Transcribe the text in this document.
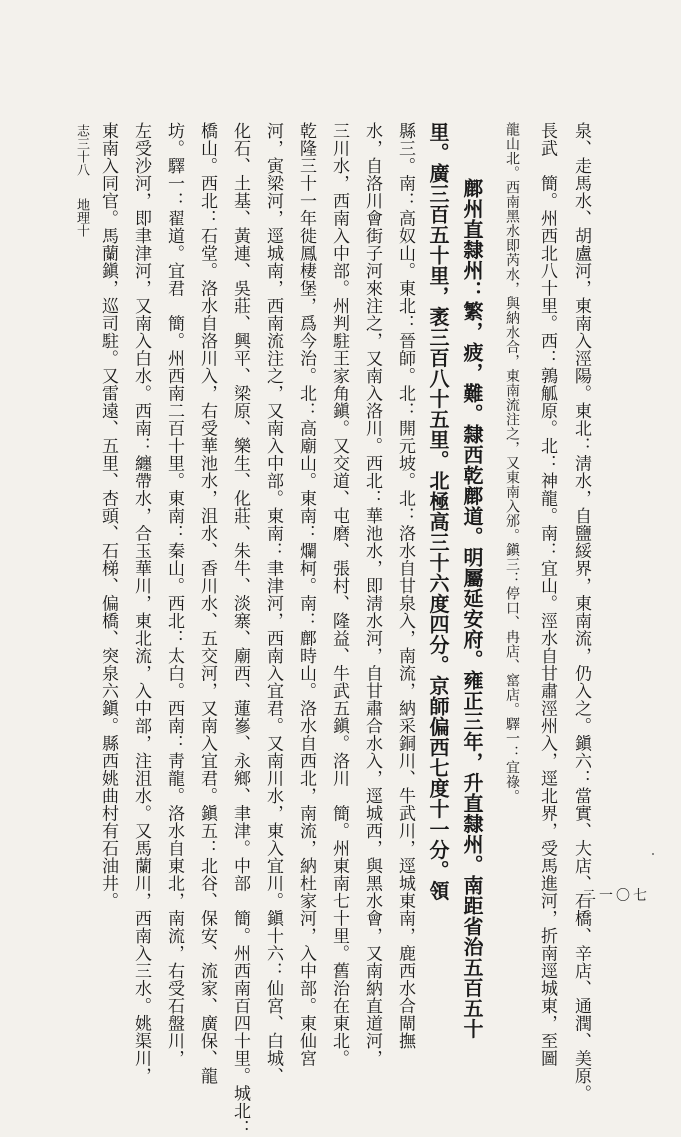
泉、走馬水、胡盧河，東南入涇陽。東北：淸水，自鹽綏界，東南流，仍入之。鎭六：當實、大店、石橋、辛店、通潤、美原。
長武　簡。州西北八十里。西：鶉觚原。北：神龍。南：宜山。涇水自甘肅涇州入，逕北界，受馬進河，折南逕城東，至圖
龍山北。西南黑水即芮水，與納水合，東南流注之，又東南入邠。鎭三：停口、冉店、窰店。驛一：宜祿。
鄜州直隸州：繁，疲，難。隸西乾鄜道。明屬延安府。雍正三年，升直隸州。南距省治五百五十
里。廣三百五十里，袤三百八十五里。北極高三十六度四分。京師偏西七度十一分。領
縣三。南：高奴山。東北：晉師。北：開元坡。北：洛水自甘泉入，南流，納采銅川、牛武川，逕城東南，鹿西水合閘撫
水，自洛川會街子河來注之，又南入洛川。西北：華池水，即淸水河，自甘肅合水入，逕城西，與黑水會，又南納直道河，
三川水，西南入中部。州判駐王家角鎭。又交道、屯磨、張村、隆益、牛武五鎭。洛川　簡。州東南七十里。舊治在東北。
乾隆三十一年徙鳳棲堡，爲今治。北：高廟山。東南：爛柯。南：鄜時山。洛水自西北，南流，納杜家河，入中部。東仙宮
河，寅梁河，逕城南，西南流注之，又南入中部。東南：聿津河，西南入宜君。又南川水，東入宜川。鎭十六：仙宮、白城、
化石、土基、黃連、吳莊、興平、梁原、樂生、化莊、朱牛、淡寨、廟西、蓮嵾、永鄉、聿津。中部　簡。州西南百四十里。城北：
橋山。西北：石堂。洛水自洛川入，右受華池水，沮水、香川水、五交河，又南入宜君。鎭五：北谷、保安、流家、廣保、龍
坊。驛一：翟道。宜君　簡。州西南二百十里。東南：秦山。西北：太白。西南：靑龍。洛水自東北，南流，右受石盤川，
左受沙河，即聿津河，又南入白水。西南：纏帶水，合玉華川，東北流，入中部，注沮水。又馬蘭川，西南入三水。姚渠川，
東南入同官。馬蘭鎭，巡司駐。又雷遠、五里、杏頭、石梯、偏橋、突泉六鎭。縣西姚曲村有石油井。
志三十八
地理十
二一〇七
